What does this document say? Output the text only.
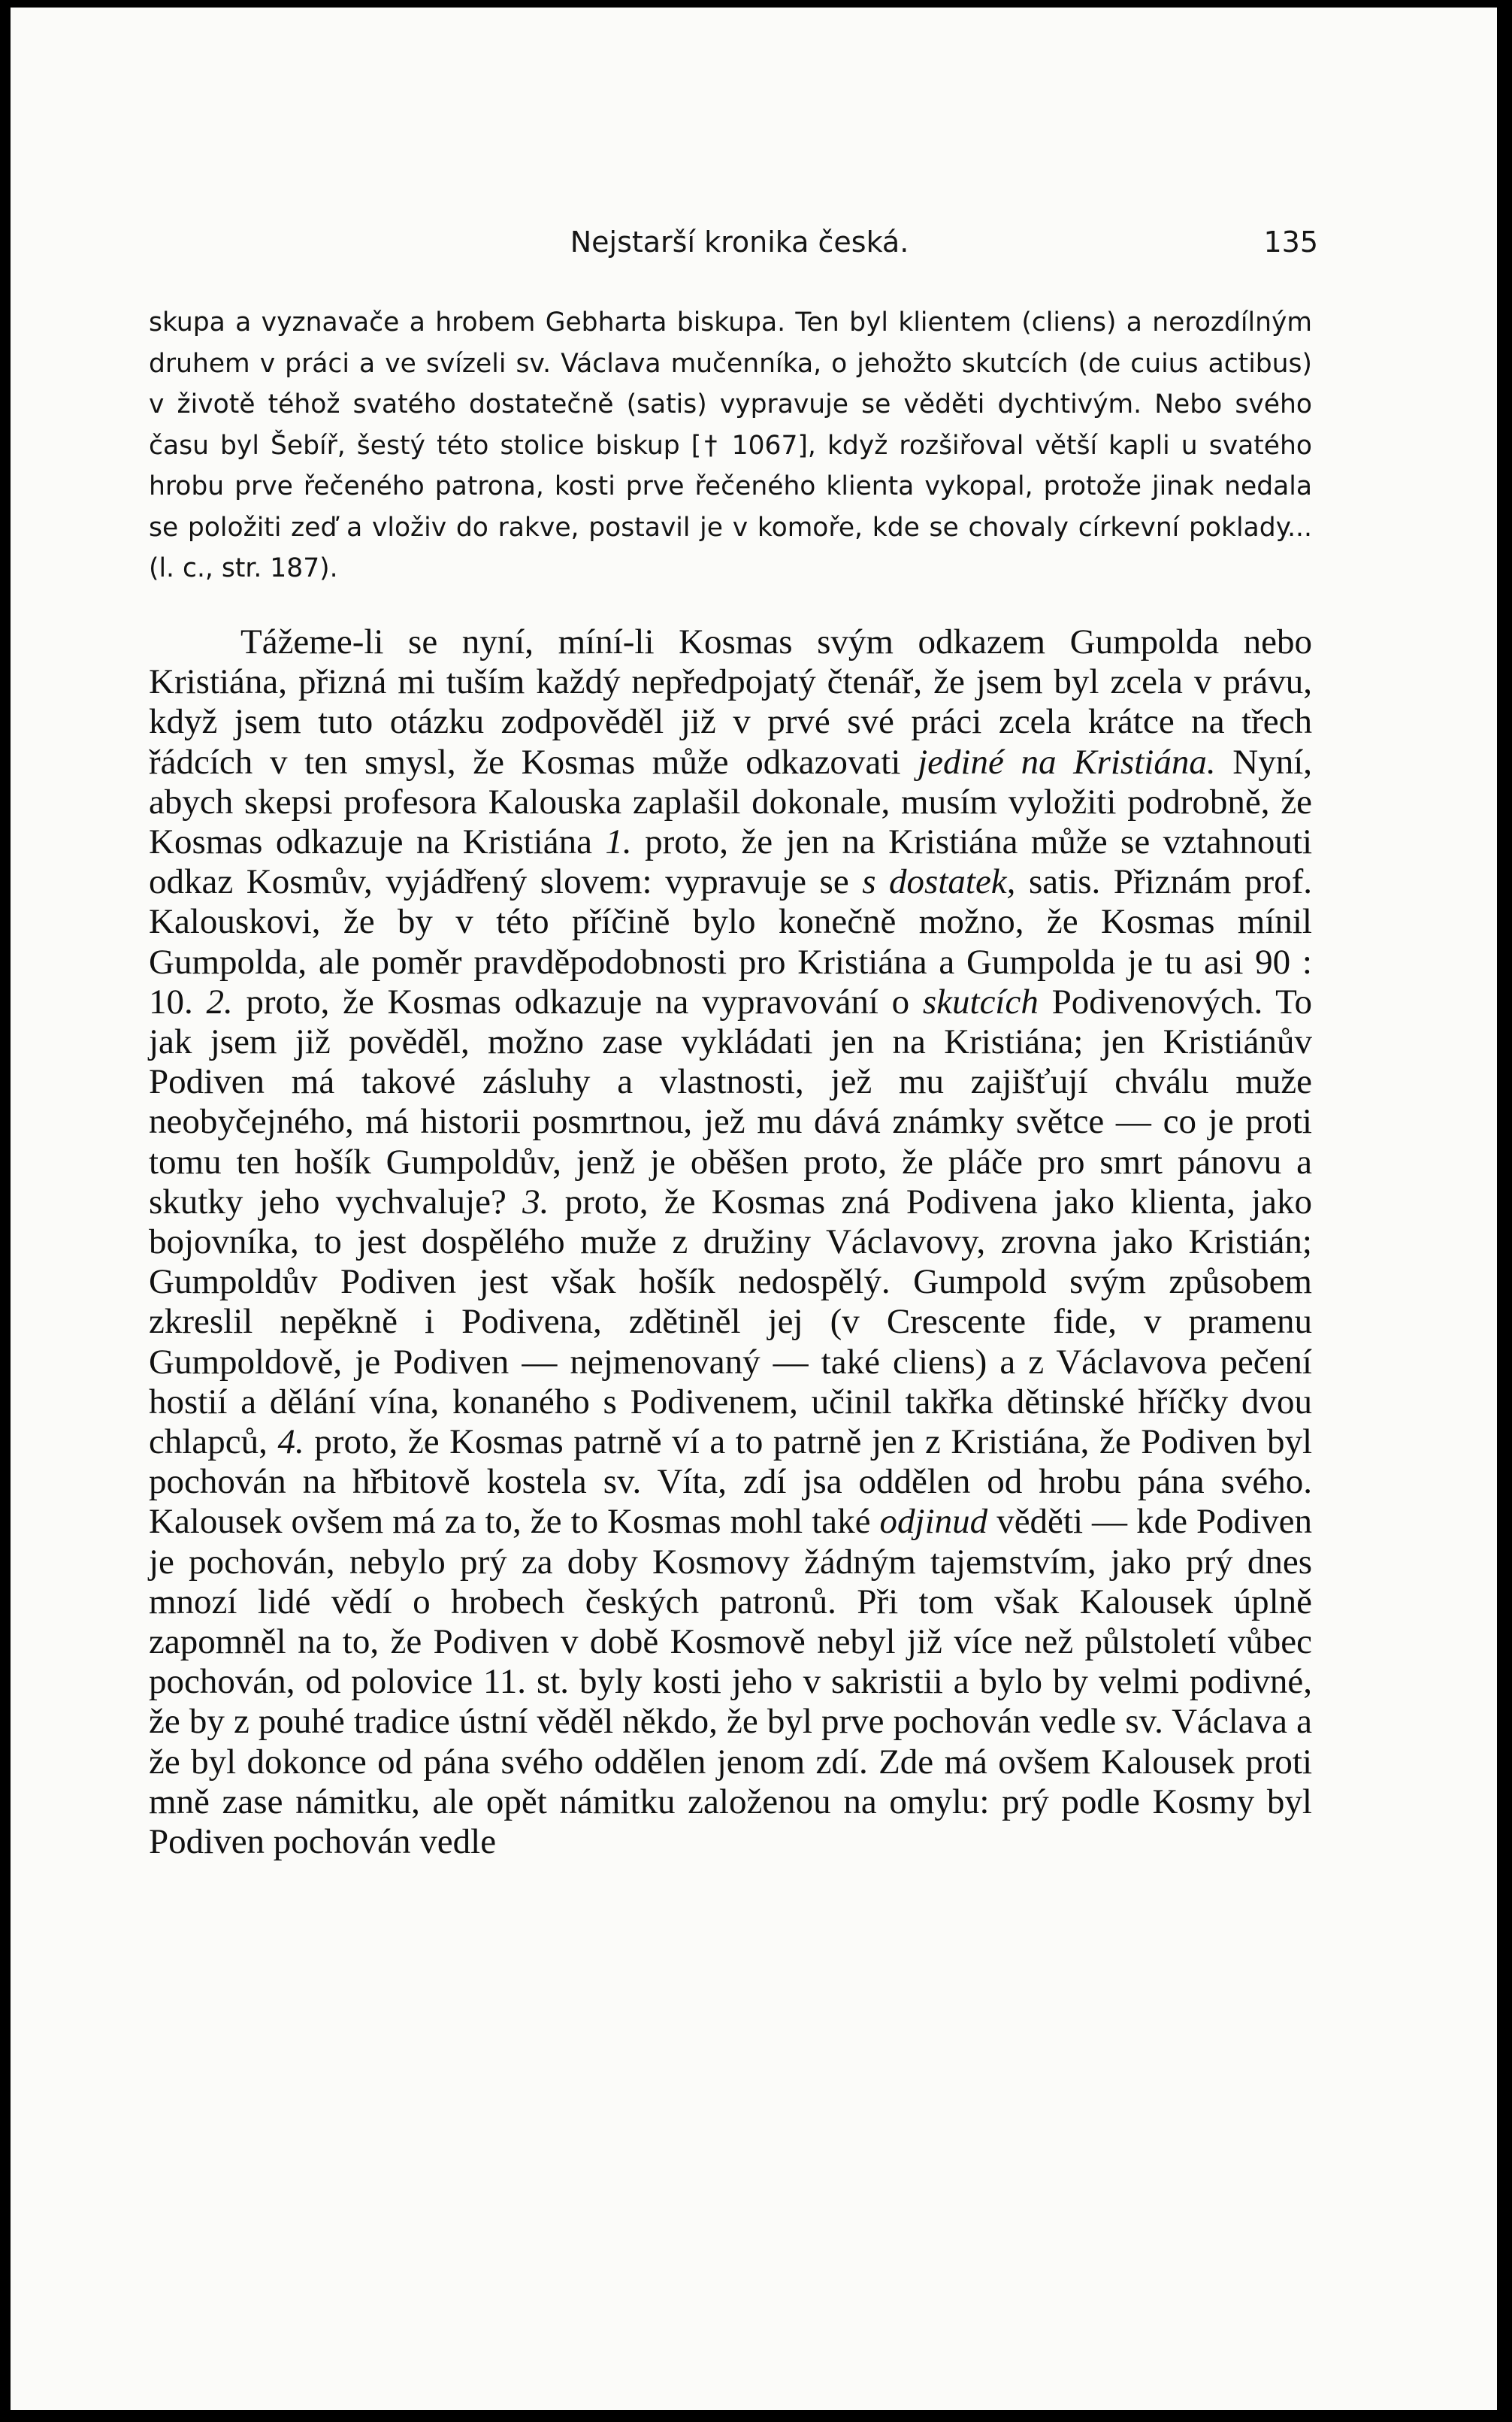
Nejstarší kronika česká.	135

skupa a vyznavače a hrobem Gebharta biskupa. Ten byl klientem (cliens) a nerozdílným druhem v práci a ve svízeli sv. Václava mučenníka, o jehožto skutcích (de cuius actibus) v životě téhož svatého dostatečně (satis) vypravuje se věděti dychtivým. Nebo svého času byl Šebíř, šestý této stolice biskup [† 1067], když rozšiřoval větší kapli u svatého hrobu prve řečeného patrona, kosti prve řečeného klienta vykopal, protože jinak nedala se položiti zeď a vloživ do rakve, postavil je v komoře, kde se chovaly církevní poklady... (l. c., str. 187).

Tážeme-li se nyní, míní-li Kosmas svým odkazem Gumpolda nebo Kristiána, přizná mi tuším každý nepředpojatý čtenář, že jsem byl zcela v právu, když jsem tuto otázku zodpověděl již v prvé své práci zcela krátce na třech řádcích v ten smysl, že Kosmas může odkazovati jediné na Kristiána. Nyní, abych skepsi profesora Kalouska zaplašil dokonale, musím vyložiti podrobně, že Kosmas odkazuje na Kristiána 1. proto, že jen na Kristiána může se vztahnouti odkaz Kosmův, vyjádřený slovem: vypravuje se s dostatek, satis. Přiznám prof. Kalouskovi, že by v této příčině bylo konečně možno, že Kosmas mínil Gumpolda, ale poměr pravděpodobnosti pro Kristiána a Gumpolda je tu asi 90 : 10. 2. proto, že Kosmas odkazuje na vypravování o skutcích Podivenových. To jak jsem již pověděl, možno zase vykládati jen na Kristiána; jen Kristiánův Podiven má takové zásluhy a vlastnosti, jež mu zajišťují chválu muže neobyčejného, má historii posmrtnou, jež mu dává známky světce — co je proti tomu ten hošík Gumpoldův, jenž je oběšen proto, že pláče pro smrt pánovu a skutky jeho vychvaluje? 3. proto, že Kosmas zná Podivena jako klienta, jako bojovníka, to jest dospělého muže z družiny Václavovy, zrovna jako Kristián; Gumpoldův Podiven jest však hošík nedospělý. Gumpold svým způsobem zkreslil nepěkně i Podivena, zdětiněl jej (v Crescente fide, v pramenu Gumpoldově, je Podiven — nejmenovaný — také cliens) a z Václavova pečení hostií a dělání vína, konaného s Podivenem, učinil takřka dětinské hříčky dvou chlapců, 4. proto, že Kosmas patrně ví a to patrně jen z Kristiána, že Podiven byl pochován na hřbitově kostela sv. Víta, zdí jsa oddělen od hrobu pána svého. Kalousek ovšem má za to, že to Kosmas mohl také odjinud věděti — kde Podiven je pochován, nebylo prý za doby Kosmovy žádným tajemstvím, jako prý dnes mnozí lidé vědí o hrobech českých patronů. Při tom však Kalousek úplně zapomněl na to, že Podiven v době Kosmově nebyl již více než půlstoletí vůbec pochován, od polovice 11. st. byly kosti jeho v sakristii a bylo by velmi podivné, že by z pouhé tradice ústní věděl někdo, že byl prve pochován vedle sv. Václava a že byl dokonce od pána svého oddělen jenom zdí. Zde má ovšem Kalousek proti mně zase námitku, ale opět námitku založenou na omylu: prý podle Kosmy byl Podiven pochován vedle
